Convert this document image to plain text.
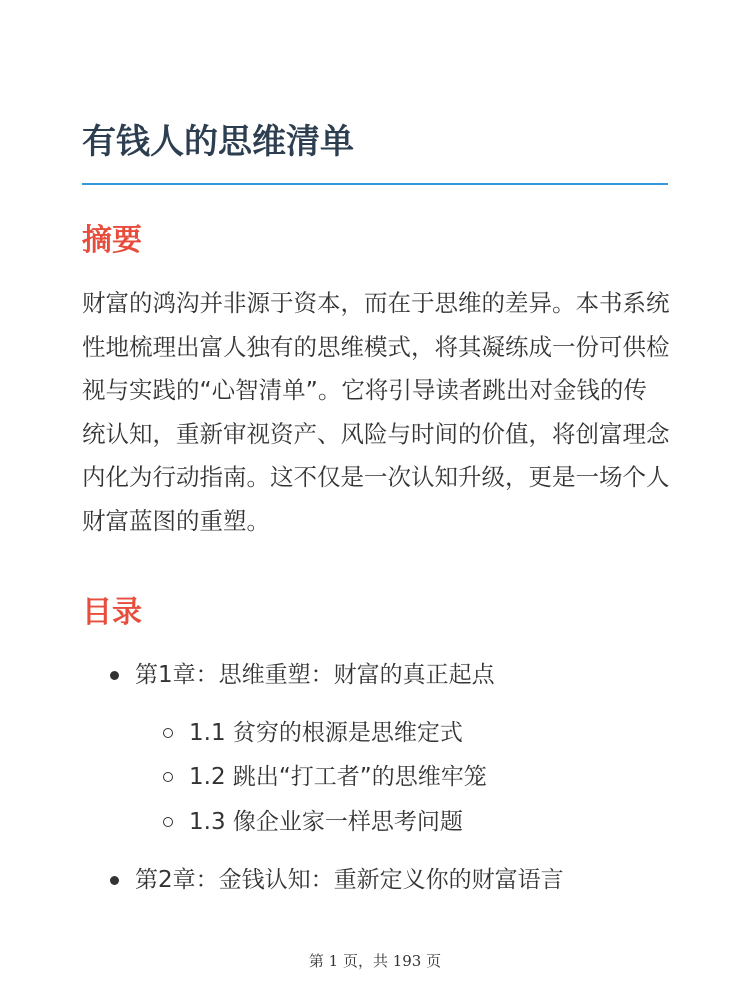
有钱人的思维清单
摘要

财富的鸿沟并非源于资本，而在于思维的差异。本书系统性地梳理出富人独有的思维模式，将其凝练成一份可供检视与实践的“心智清单”。它将引导读者跳出对金钱的传统认知，重新审视资产、风险与时间的价值，将创富理念内化为行动指南。这不仅是一次认知升级，更是一场个人财富蓝图的重塑。

目录
第1章：思维重塑：财富的真正起点
1.1 贫穷的根源是思维定式
1.2 跳出“打工者”的思维牢笼
1.3 像企业家一样思考问题
第2章：金钱认知：重新定义你的财富语言
第 1 页，共 193 页
